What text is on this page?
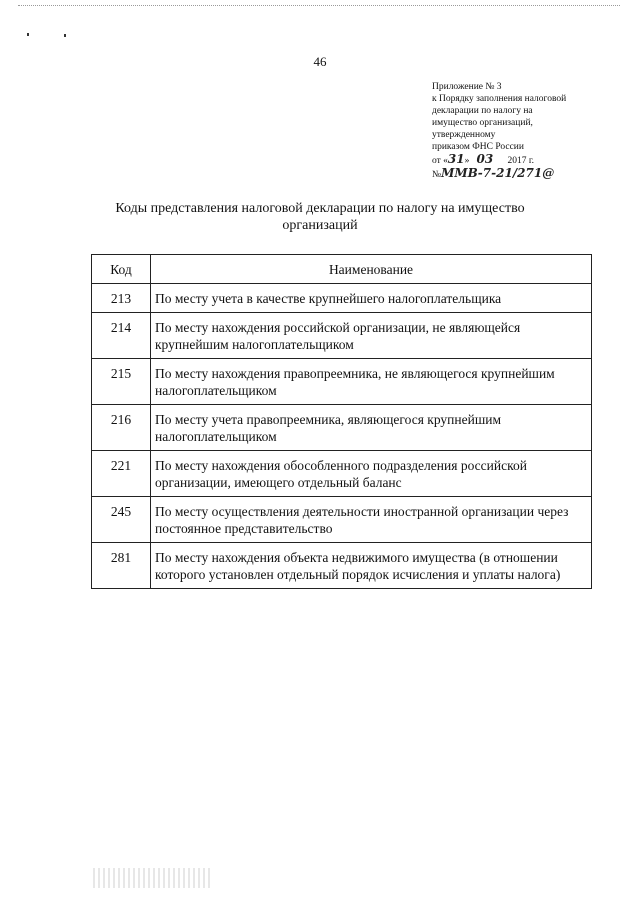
46
Приложение № 3
к Порядку заполнения налоговой
декларации по налогу на
имущество организаций,
утвержденному
приказом ФНС России
от «31» 03 2017 г.
№ММВ-7-21/271@
Коды представления налоговой декларации по налогу на имущество
организаций
Код	Наименование
213	По месту учета в качестве крупнейшего налогоплательщика
214	По месту нахождения российской организации, не являющейся крупнейшим налогоплательщиком
215	По месту нахождения правопреемника, не являющегося крупнейшим налогоплательщиком
216	По месту учета правопреемника, являющегося крупнейшим налогоплательщиком
221	По месту нахождения обособленного подразделения российской организации, имеющего отдельный баланс
245	По месту осуществления деятельности иностранной организации через постоянное представительство
281	По месту нахождения объекта недвижимого имущества (в отношении которого установлен отдельный порядок исчисления и уплаты налога)
